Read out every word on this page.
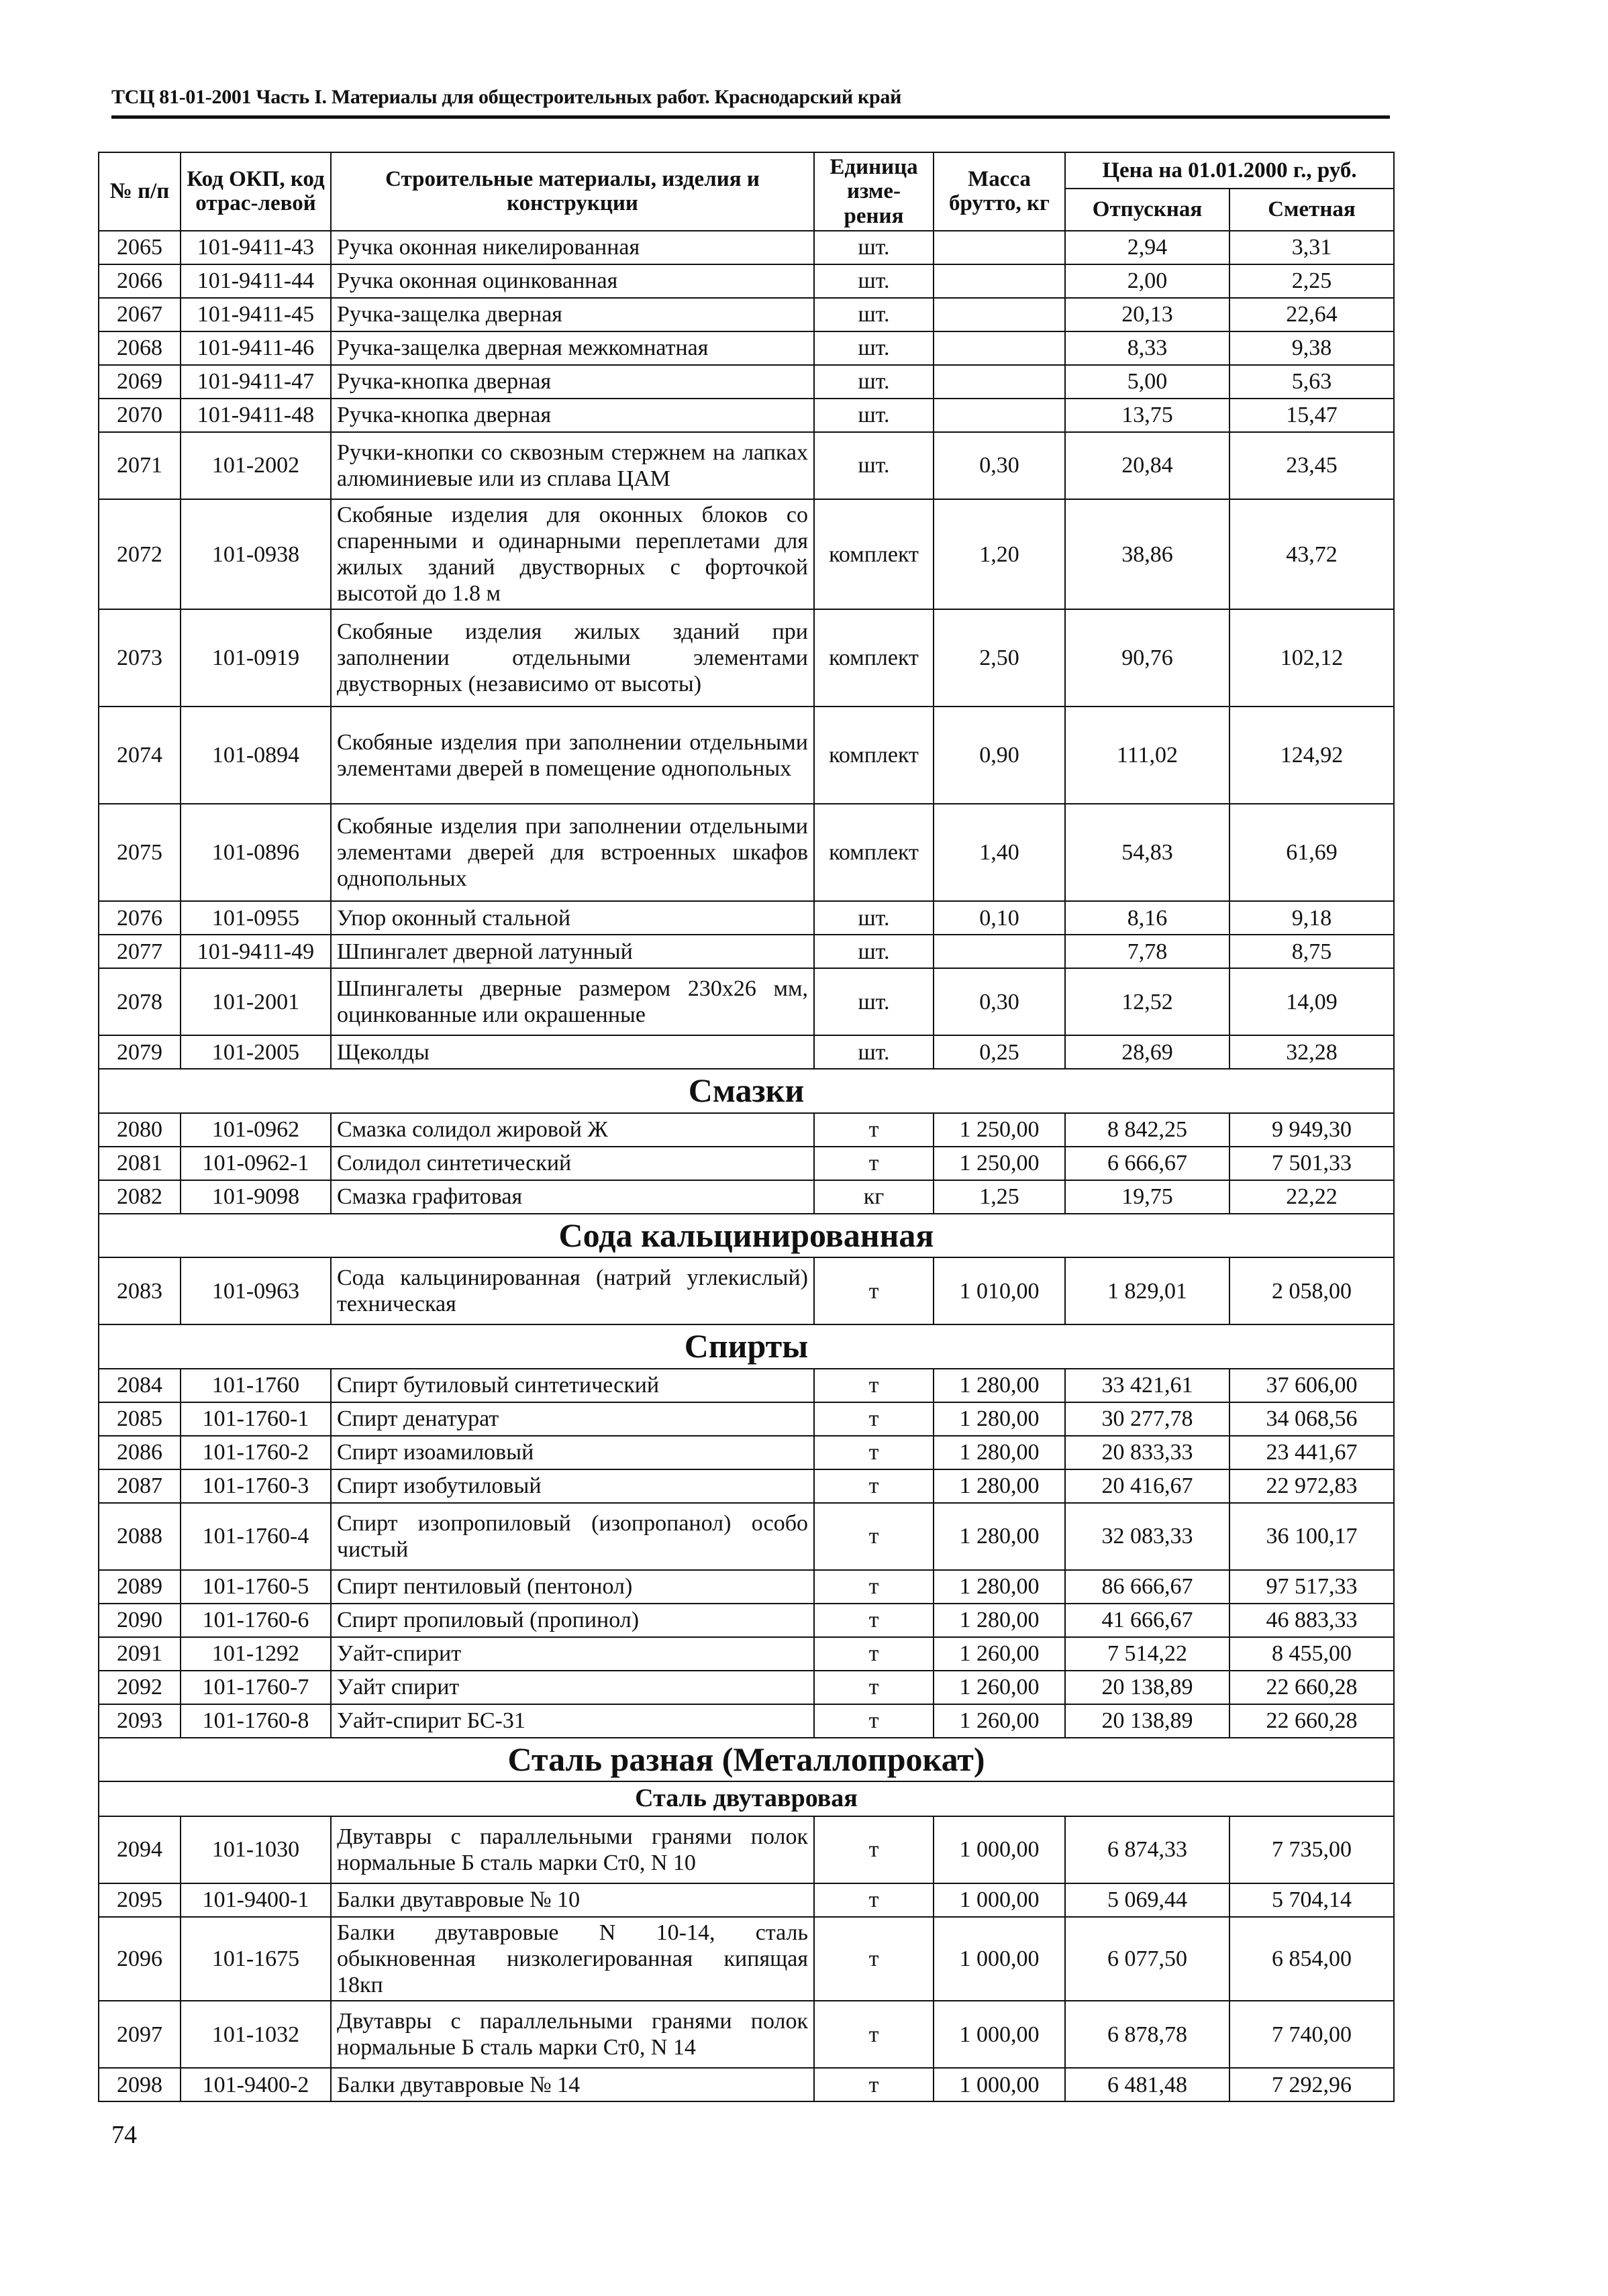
ТСЦ 81-01-2001 Часть I. Материалы для общестроительных работ. Краснодарский край
№ п/п	Код ОКП, код отрас-левой	Строительные материалы, изделия и конструкции	Единица изме-рения	Масса брутто, кг	Цена на 01.01.2000 г., руб.	
					Отпускная	Сметная
2065	101-9411-43	Ручка оконная никелированная	шт.		2,94	3,31
2066	101-9411-44	Ручка оконная оцинкованная	шт.		2,00	2,25
2067	101-9411-45	Ручка-защелка дверная	шт.		20,13	22,64
2068	101-9411-46	Ручка-защелка дверная межкомнатная	шт.		8,33	9,38
2069	101-9411-47	Ручка-кнопка дверная	шт.		5,00	5,63
2070	101-9411-48	Ручка-кнопка дверная	шт.		13,75	15,47
2071	101-2002	Ручки-кнопки со сквозным стержнем на лапках алюминиевые или из сплава ЦАМ	шт.	0,30	20,84	23,45
2072	101-0938	Скобяные изделия для оконных блоков со спаренными и одинарными переплетами для жилых зданий двустворных с форточкой высотой до 1.8 м	комплект	1,20	38,86	43,72
2073	101-0919	Скобяные изделия жилых зданий при заполнении отдельными элементами двустворных (независимо от высоты)	комплект	2,50	90,76	102,12
2074	101-0894	Скобяные изделия при заполнении отдельными элементами дверей в помещение однопольных	комплект	0,90	111,02	124,92
2075	101-0896	Скобяные изделия при заполнении отдельными элементами дверей для встроенных шкафов однопольных	комплект	1,40	54,83	61,69
2076	101-0955	Упор оконный стальной	шт.	0,10	8,16	9,18
2077	101-9411-49	Шпингалет дверной латунный	шт.		7,78	8,75
2078	101-2001	Шпингалеты дверные размером 230х26 мм, оцинкованные или окрашенные	шт.	0,30	12,52	14,09
2079	101-2005	Щеколды	шт.	0,25	28,69	32,28
Смазки						
2080	101-0962	Смазка солидол жировой Ж	т	1 250,00	8 842,25	9 949,30
2081	101-0962-1	Солидол синтетический	т	1 250,00	6 666,67	7 501,33
2082	101-9098	Смазка графитовая	кг	1,25	19,75	22,22
Сода кальцинированная						
2083	101-0963	Сода кальцинированная (натрий углекислый) техническая	т	1 010,00	1 829,01	2 058,00
Спирты						
2084	101-1760	Спирт бутиловый синтетический	т	1 280,00	33 421,61	37 606,00
2085	101-1760-1	Спирт денатурат	т	1 280,00	30 277,78	34 068,56
2086	101-1760-2	Спирт изоамиловый	т	1 280,00	20 833,33	23 441,67
2087	101-1760-3	Спирт изобутиловый	т	1 280,00	20 416,67	22 972,83
2088	101-1760-4	Спирт изопропиловый (изопропанол) особо чистый	т	1 280,00	32 083,33	36 100,17
2089	101-1760-5	Спирт пентиловый (пентонол)	т	1 280,00	86 666,67	97 517,33
2090	101-1760-6	Спирт пропиловый (пропинол)	т	1 280,00	41 666,67	46 883,33
2091	101-1292	Уайт-спирит	т	1 260,00	7 514,22	8 455,00
2092	101-1760-7	Уайт спирит	т	1 260,00	20 138,89	22 660,28
2093	101-1760-8	Уайт-спирит БС-31	т	1 260,00	20 138,89	22 660,28
Сталь разная (Металлопрокат)						
Сталь двутавровая						
2094	101-1030	Двутавры с параллельными гранями полок нормальные Б сталь марки Ст0, N 10	т	1 000,00	6 874,33	7 735,00
2095	101-9400-1	Балки двутавровые № 10	т	1 000,00	5 069,44	5 704,14
2096	101-1675	Балки двутавровые N 10-14, сталь обыкновенная низколегированная кипящая 18кп	т	1 000,00	6 077,50	6 854,00
2097	101-1032	Двутавры с параллельными гранями полок нормальные Б сталь марки Ст0, N 14	т	1 000,00	6 878,78	7 740,00
2098	101-9400-2	Балки двутавровые № 14	т	1 000,00	6 481,48	7 292,96
74
